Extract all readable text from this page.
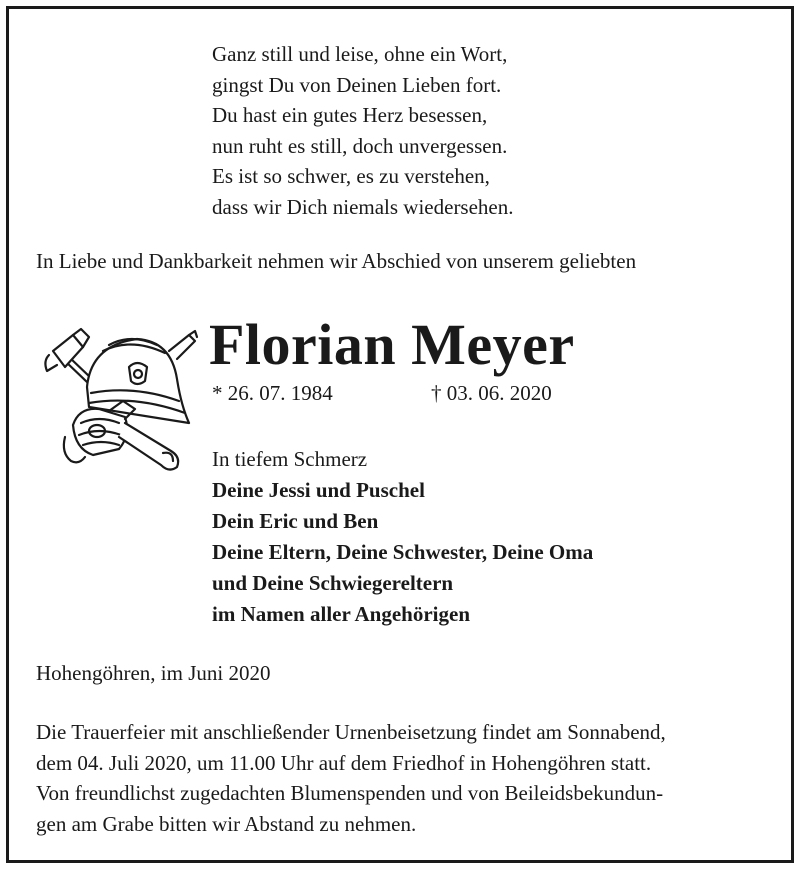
Ganz still und leise, ohne ein Wort,
gingst Du von Deinen Lieben fort.
Du hast ein gutes Herz besessen,
nun ruht es still, doch unvergessen.
Es ist so schwer, es zu verstehen,
dass wir Dich niemals wiedersehen.
In Liebe und Dankbarkeit nehmen wir Abschied von unserem geliebten
Florian Meyer
* 26. 07. 1984	† 03. 06. 2020
In tiefem Schmerz
Deine Jessi und Puschel
Dein Eric und Ben
Deine Eltern, Deine Schwester, Deine Oma
und Deine Schwiegereltern
im Namen aller Angehörigen
Hohengöhren, im Juni 2020
Die Trauerfeier mit anschließender Urnenbeisetzung findet am Sonnabend,
dem 04. Juli 2020, um 11.00 Uhr auf dem Friedhof in Hohengöhren statt.
Von freundlichst zugedachten Blumenspenden und von Beileidsbekundun-
gen am Grabe bitten wir Abstand zu nehmen.
